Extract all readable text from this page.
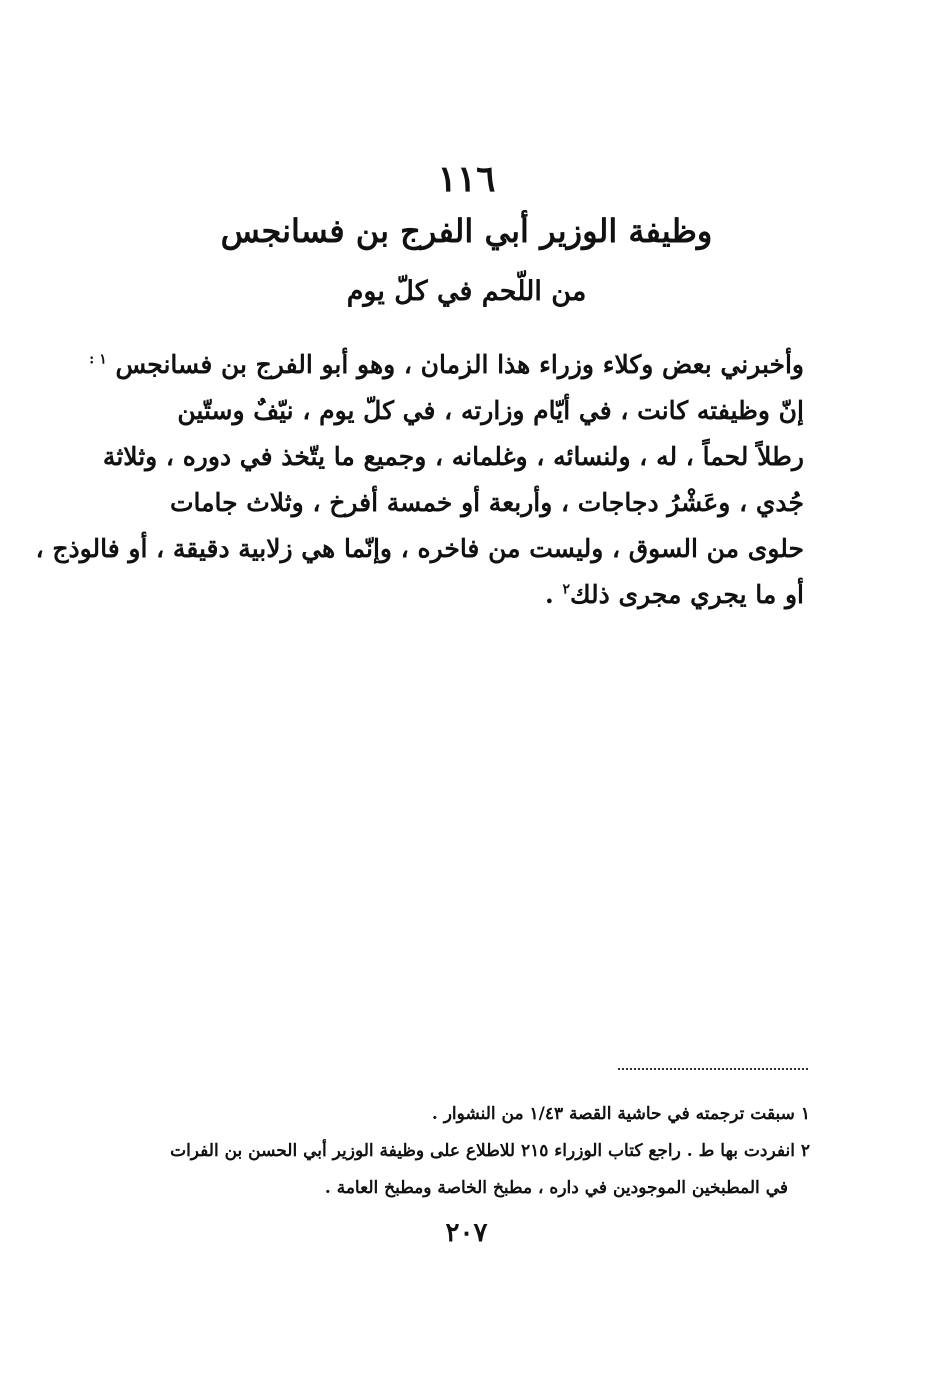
١١٦
وظيفة الوزير أبي الفرج بن فسانجس
من اللّحم في كلّ يوم
وأخبرني بعض وكلاء وزراء هذا الزمان ، وهو أبو الفرج بن فسانجس $^{١ :}$
إنّ وظيفته كانت ، في أيّام وزارته ، في كلّ يوم ، نيّفٌ وستّين
رطلاً لحماً ، له ، ولنسائه ، وغلمانه ، وجميع ما يتّخذ في دوره ، وثلاثة
جُدي ، وعَشْرُ دجاجات ، وأربعة أو خمسة أفرخ ، وثلاث جامات
حلوى من السوق ، وليست من فاخره ، وإنّما هي زلابية دقيقة ، أو فالوذج ،
أو ما يجري مجرى ذلك$^٢$ .
١ سبقت ترجمته في حاشية القصة ١/٤٣ من النشوار .
٢ انفردت بها ط . راجع كتاب الوزراء ٢١٥ للاطلاع على وظيفة الوزير أبي الحسن بن الفرات
في المطبخين الموجودين في داره ، مطبخ الخاصة ومطبخ العامة .
٢٠٧
